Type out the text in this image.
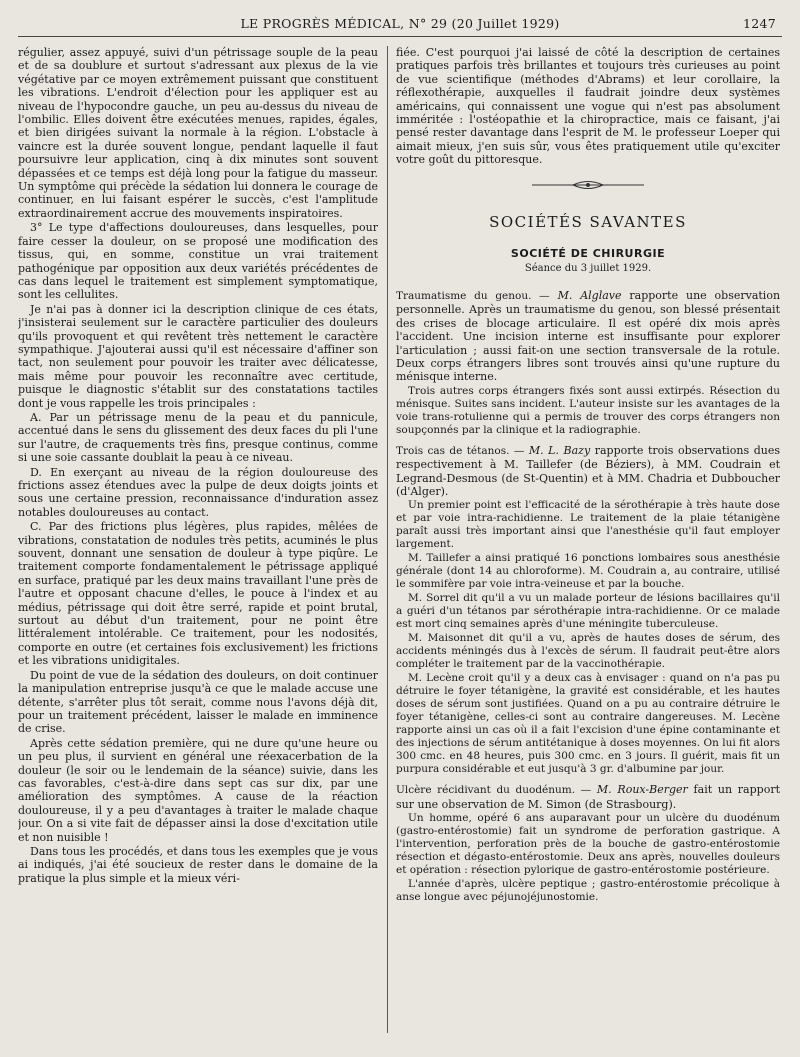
LE PROGRÈS MÉDICAL, N° 29 (20 Juillet 1929)	1247

régulier, assez appuyé, suivi d'un pétrissage souple de la peau et de sa doublure et surtout s'adressant aux plexus de la vie végétative par ce moyen extrêmement puissant que constituent les vibrations. L'endroit d'élection pour les appliquer est au niveau de l'hypocondre gauche, un peu au-dessus du niveau de l'ombilic. Elles doivent être exécutées menues, rapides, égales, et bien dirigées suivant la normale à la région. L'obstacle à vaincre est la durée souvent longue, pendant laquelle il faut poursuivre leur application, cinq à dix minutes sont souvent dépassées et ce temps est déjà long pour la fatigue du masseur. Un symptôme qui précède la sédation lui donnera le courage de continuer, en lui faisant espérer le succès, c'est l'amplitude extraordinairement accrue des mouvements inspiratoires.

3° Le type d'affections douloureuses, dans lesquelles, pour faire cesser la douleur, on se proposé une modification des tissus, qui, en somme, constitue un vrai traitement pathogénique par opposition aux deux variétés précédentes de cas dans lequel le traitement est simplement symptomatique, sont les cellulites.

Je n'ai pas à donner ici la description clinique de ces états, j'insisterai seulement sur le caractère particulier des douleurs qu'ils provoquent et qui revêtent très nettement le caractère sympathique. J'ajouterai aussi qu'il est nécessaire d'affiner son tact, non seulement pour pouvoir les traiter avec délicatesse, mais même pour pouvoir les reconnaître avec certitude, puisque le diagnostic s'établit sur des constatations tactiles dont je vous rappelle les trois principales :

A. Par un pétrissage menu de la peau et du pannicule, accentué dans le sens du glissement des deux faces du pli l'une sur l'autre, de craquements très fins, presque continus, comme si une soie cassante doublait la peau à ce niveau.

D. En exerçant au niveau de la région douloureuse des frictions assez étendues avec la pulpe de deux doigts joints et sous une certaine pression, reconnaissance d'induration assez notables douloureuses au contact.

C. Par des frictions plus légères, plus rapides, mêlées de vibrations, constatation de nodules très petits, acuminés le plus souvent, donnant une sensation de douleur à type piqûre. Le traitement comporte fondamentalement le pétrissage appliqué en surface, pratiqué par les deux mains travaillant l'une près de l'autre et opposant chacune d'elles, le pouce à l'index et au médius, pétrissage qui doit être serré, rapide et point brutal, surtout au début d'un traitement, pour ne point être littéralement intolérable. Ce traitement, pour les nodosités, comporte en outre (et certaines fois exclusivement) les frictions et les vibrations unidigitales.

Du point de vue de la sédation des douleurs, on doit continuer la manipulation entreprise jusqu'à ce que le malade accuse une détente, s'arrêter plus tôt serait, comme nous l'avons déjà dit, pour un traitement précédent, laisser le malade en imminence de crise.

Après cette sédation première, qui ne dure qu'une heure ou un peu plus, il survient en général une réexacerbation de la douleur (le soir ou le lendemain de la séance) suivie, dans les cas favorables, c'est-à-dire dans sept cas sur dix, par une amélioration des symptômes. A cause de la réaction douloureuse, il y a peu d'avantages à traiter le malade chaque jour. On a si vite fait de dépasser ainsi la dose d'excitation utile et non nuisible !

Dans tous les procédés, et dans tous les exemples que je vous ai indiqués, j'ai été soucieux de rester dans le domaine de la pratique la plus simple et la mieux véri-

fiée. C'est pourquoi j'ai laissé de côté la description de certaines pratiques parfois très brillantes et toujours très curieuses au point de vue scientifique (méthodes d'Abrams) et leur corollaire, la réflexothérapie, auxquelles il faudrait joindre deux systèmes américains, qui connaissent une vogue qui n'est pas absolument imméritée : l'ostéopathie et la chiropractice, mais ce faisant, j'ai pensé rester davantage dans l'esprit de M. le professeur Loeper qui aimait mieux, j'en suis sûr, vous êtes pratiquement utile qu'exciter votre goût du pittoresque.

SOCIÉTÉS SAVANTES
SOCIÉTÉ DE CHIRURGIE
Séance du 3 juillet 1929.

Traumatisme du genou. — M. Alglave rapporte une observation personnelle. Après un traumatisme du genou, son blessé présentait des crises de blocage articulaire. Il est opéré dix mois après l'accident. Une incision interne est insuffisante pour explorer l'articulation ; aussi fait-on une section transversale de la rotule. Deux corps étrangers libres sont trouvés ainsi qu'une rupture du ménisque interne.

Trois autres corps étrangers fixés sont aussi extirpés. Résection du ménisque. Suites sans incident. L'auteur insiste sur les avantages de la voie trans-rotulienne qui a permis de trouver des corps étrangers non soupçonnés par la clinique et la radiographie.

Trois cas de tétanos. — M. L. Bazy rapporte trois observations dues respectivement à M. Taillefer (de Béziers), à MM. Coudrain et Legrand-Desmous (de St-Quentin) et à MM. Chadria et Dubboucher (d'Alger).

Un premier point est l'efficacité de la sérothérapie à très haute dose et par voie intra-rachidienne. Le traitement de la plaie tétanigène paraît aussi très important ainsi que l'anesthésie qu'il faut employer largement.

M. Taillefer a ainsi pratiqué 16 ponctions lombaires sous anesthésie générale (dont 14 au chloroforme). M. Coudrain a, au contraire, utilisé le sommifère par voie intra-veineuse et par la bouche.

M. Sorrel dit qu'il a vu un malade porteur de lésions bacillaires qu'il a guéri d'un tétanos par sérothérapie intra-rachidienne. Or ce malade est mort cinq semaines après d'une méningite tuberculeuse.

M. Maisonnet dit qu'il a vu, après de hautes doses de sérum, des accidents méningés dus à l'excès de sérum. Il faudrait peut-être alors compléter le traitement par de la vaccinothérapie.

M. Lecène croit qu'il y a deux cas à envisager : quand on n'a pas pu détruire le foyer tétanigène, la gravité est considérable, et les hautes doses de sérum sont justifiées. Quand on a pu au contraire détruire le foyer tétanigène, celles-ci sont au contraire dangereuses. M. Lecène rapporte ainsi un cas où il a fait l'excision d'une épine contaminante et des injections de sérum antitétanique à doses moyennes. On lui fit alors 300 cmc. en 48 heures, puis 300 cmc. en 3 jours. Il guérit, mais fit un purpura considérable et eut jusqu'à 3 gr. d'albumine par jour.

Ulcère récidivant du duodénum. — M. Roux-Berger fait un rapport sur une observation de M. Simon (de Strasbourg).

Un homme, opéré 6 ans auparavant pour un ulcère du duodénum (gastro-entérostomie) fait un syndrome de perforation gastrique. A l'intervention, perforation près de la bouche de gastro-entérostomie résection et dégasto-entérostomie. Deux ans après, nouvelles douleurs et opération : résection pylorique de gastro-entérostomie postérieure.

L'année d'après, ulcère peptique ; gastro-entérostomie précolique à anse longue avec péjunojéjunostomie.
